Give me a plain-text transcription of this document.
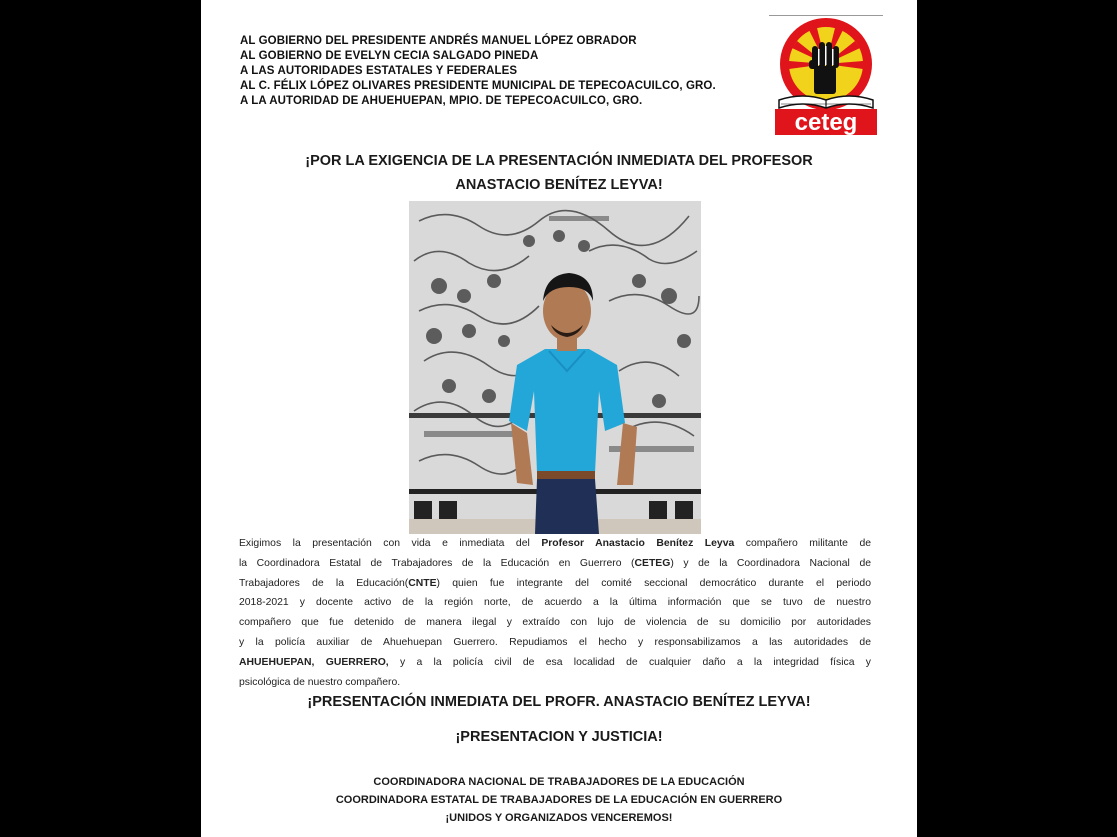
AL GOBIERNO DEL PRESIDENTE ANDRÉS MANUEL LÓPEZ OBRADOR
AL GOBIERNO DE EVELYN CECIA SALGADO PINEDA
A LAS AUTORIDADES ESTATALES Y FEDERALES
AL C. FÉLIX LÓPEZ OLIVARES PRESIDENTE MUNICIPAL DE TEPECOACUILCO, GRO.
A LA AUTORIDAD DE AHUEHUEPAN, MPIO. DE TEPECOACUILCO, GRO.
ceteg
¡POR LA EXIGENCIA DE LA PRESENTACIÓN INMEDIATA DEL PROFESOR
ANASTACIO BENÍTEZ LEYVA!
Exigimos la presentación con vida e inmediata del Profesor Anastacio Benítez Leyva compañero militante de
la Coordinadora Estatal de Trabajadores de la Educación en Guerrero (CETEG) y de la Coordinadora Nacional de
Trabajadores de la Educación(CNTE) quien fue integrante del comité seccional democrático durante el periodo
2018-2021 y docente activo de la región norte, de acuerdo a la última información que se tuvo de nuestro
compañero que fue detenido de manera ilegal y extraído con lujo de violencia de su domicilio por autoridades
y la policía auxiliar de Ahuehuepan Guerrero. Repudiamos el hecho y responsabilizamos a las autoridades de
AHUEHUEPAN, GUERRERO, y a la policía civil de esa localidad de cualquier daño a la integridad física y
psicológica de nuestro compañero.
¡PRESENTACIÓN INMEDIATA DEL PROFR. ANASTACIO BENÍTEZ LEYVA!
¡PRESENTACION Y JUSTICIA!
COORDINADORA NACIONAL DE TRABAJADORES DE LA EDUCACIÓN
COORDINADORA ESTATAL DE TRABAJADORES DE LA EDUCACIÓN EN GUERRERO
¡UNIDOS Y ORGANIZADOS VENCEREMOS!
